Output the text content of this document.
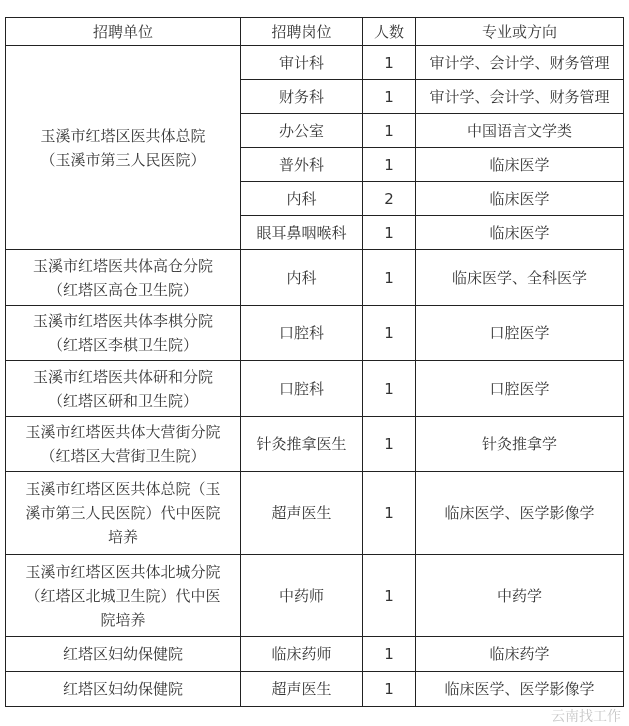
招聘单位	招聘岗位	人数	专业或方向

玉溪市红塔区医共体总院
（玉溪市第三人民医院）	审计科	1	审计学、会计学、财务管理
	财务科	1	审计学、会计学、财务管理
	办公室	1	中国语言文学类
	普外科	1	临床医学
	内科	2	临床医学
	眼耳鼻咽喉科	1	临床医学

玉溪市红塔医共体高仓分院
（红塔区高仓卫生院）	内科	1	临床医学、全科医学

玉溪市红塔医共体李棋分院
（红塔区李棋卫生院）	口腔科	1	口腔医学

玉溪市红塔医共体研和分院
（红塔区研和卫生院）	口腔科	1	口腔医学

玉溪市红塔医共体大营街分院
（红塔区大营街卫生院）	针灸推拿医生	1	针灸推拿学

玉溪市红塔区医共体总院（玉
溪市第三人民医院）代中医院
培养	超声医生	1	临床医学、医学影像学

玉溪市红塔区医共体北城分院
（红塔区北城卫生院）代中医
院培养	中药师	1	中药学

红塔区妇幼保健院	临床药师	1	临床药学

红塔区妇幼保健院	超声医生	1	临床医学、医学影像学
云南找工作
